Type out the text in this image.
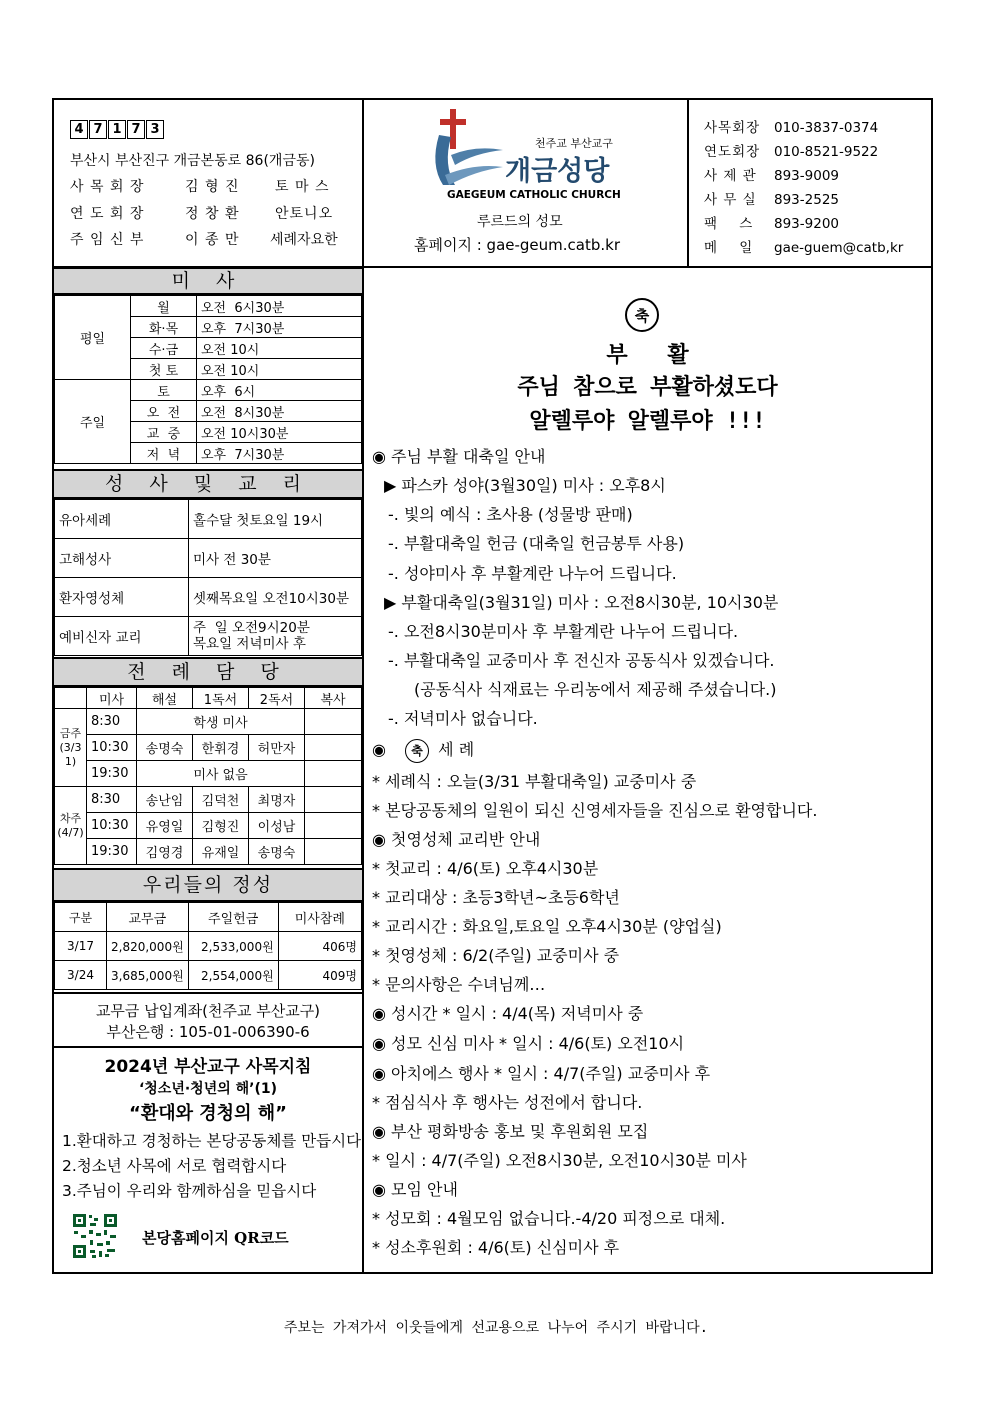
4 7 1 7 3
부산시 부산진구 개금본동로 86(개금동)
사 목 회 장	김 형 진	토 마 스
연 도 회 장	정 창 환	안토니오
주 임 신 부	이 종 만 세례자요한
천주교 부산교구
개금성당
GAEGEUM CATHOLIC CHURCH
루르드의 성모
홈페이지 : gae-geum.catb.kr
사목회장 010-3837-0374
연도회장 010-8521-9522
사 제 관 893-9009
사 무 실 893-2525
팩    스 893-9200
메    일 gae-guem@catb,kr
미 사
평일	월	오전  6시30분
	화·목	오후  7시30분
	수·금	오전 10시
	첫 토	오전 10시
주일	토	오후  6시
	오  전	오전  8시30분
	교  중	오전 10시30분
	저  녁	오후  7시30분
성 사 및 교 리
유아세례	홀수달 첫토요일 19시
고해성사	미사 전 30분
환자영성체	셋째목요일 오전10시30분
예비신자 교리	주  일 오전9시20분
목요일 저녁미사 후
전 례 담 당
	미사	해설	1독서	2독서	복사
금주(3/31)	8:30	학생 미사			
	10:30	송명숙	한휘경	허만자	
	19:30	미사 없음			
차주(4/7)	8:30	송난임	김덕천	최명자	
	10:30	유영일	김형진	이성남	
	19:30	김영경	유재일	송명숙	
우리들의 정성
구분	교무금	주일헌금	미사참례
3/17	2,820,000원	2,533,000원	406명
3/24	3,685,000원	2,554,000원	409명
교무금 납입계좌(천주교 부산교구)
부산은행 : 105-01-006390-6
2024년 부산교구 사목지침
‘청소년·청년의 해’(1)
“환대와 경청의 해”
1.환대하고 경청하는 본당공동체를 만듭시다
2.청소년 사목에 서로 협력합시다
3.주님이 우리와 함께하심을 믿읍시다
본당홈페이지 QR코드
축
부   활
주님 참으로 부활하셨도다
알렐루야 알렐루야 !!!
◉ 주님 부활 대축일 안내
▶ 파스카 성야(3월30일) 미사 : 오후8시
-. 빛의 예식 : 초사용 (성물방 판매)
-. 부활대축일 헌금 (대축일 헌금봉투 사용)
-. 성야미사 후 부활계란 나누어 드립니다.
▶ 부활대축일(3월31일) 미사 : 오전8시30분, 10시30분
-. 오전8시30분미사 후 부활계란 나누어 드립니다.
-. 부활대축일 교중미사 후 전신자 공동식사 있겠습니다.
(공동식사 식재료는 우리농에서 제공해 주셨습니다.)
-. 저녁미사 없습니다.
◉ 축 세 례
* 세례식 : 오늘(3/31 부활대축일) 교중미사 중
* 본당공동체의 일원이 되신 신영세자들을 진심으로 환영합니다.
◉ 첫영성체 교리반 안내
* 첫교리 : 4/6(토) 오후4시30분
* 교리대상 : 초등3학년~초등6학년
* 교리시간 : 화요일,토요일 오후4시30분 (양업실)
* 첫영성체 : 6/2(주일) 교중미사 중
* 문의사항은 수녀님께…
◉ 성시간 * 일시 : 4/4(목) 저녁미사 중
◉ 성모 신심 미사 * 일시 : 4/6(토) 오전10시
◉ 아치에스 행사 * 일시 : 4/7(주일) 교중미사 후
* 점심식사 후 행사는 성전에서 합니다.
◉ 부산 평화방송 홍보 및 후원회원 모집
* 일시 : 4/7(주일) 오전8시30분, 오전10시30분 미사
◉ 모임 안내
* 성모회 : 4월모임 없습니다.-4/20 피정으로 대체.
* 성소후원회 : 4/6(토) 신심미사 후
주보는 가져가서 이웃들에게 선교용으로 나누어 주시기 바랍니다.
